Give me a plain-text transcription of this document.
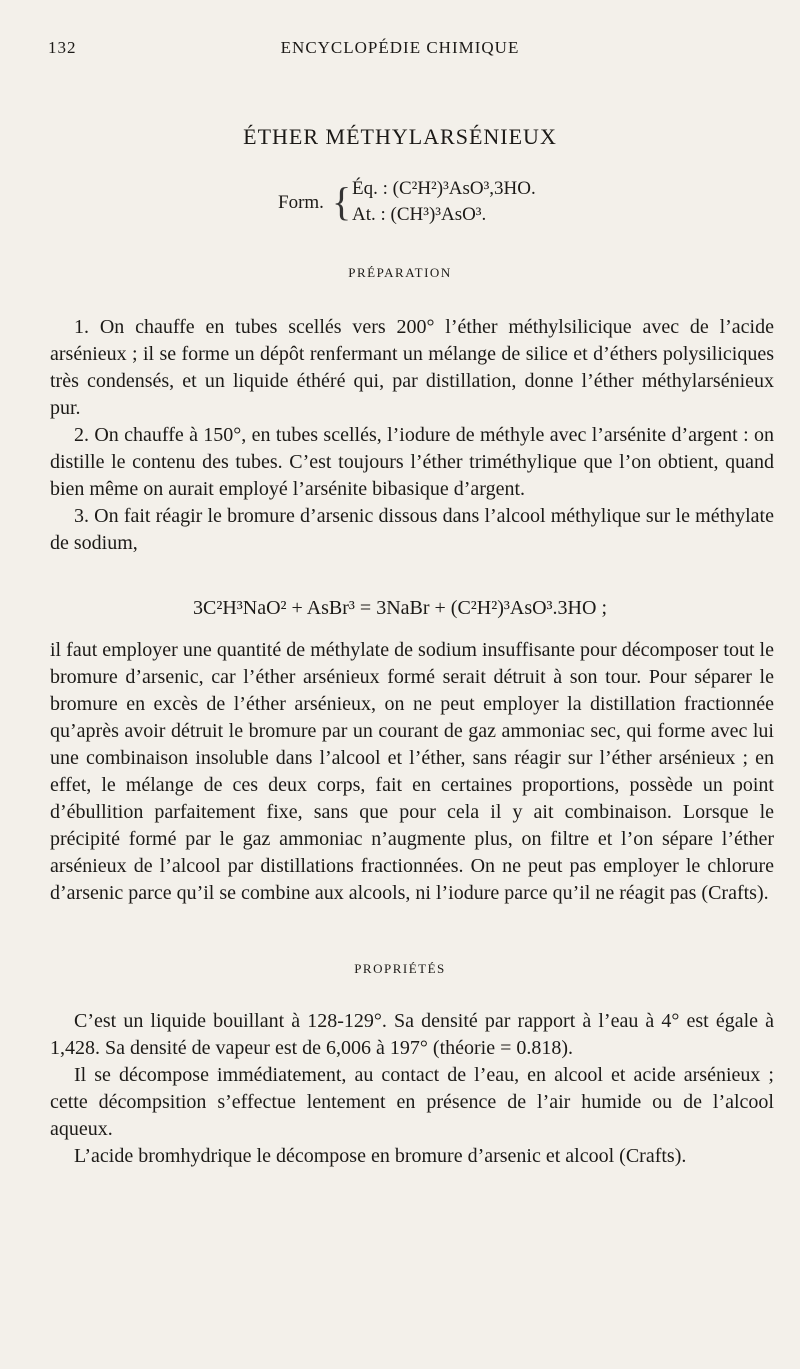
132	ENCYCLOPÉDIE CHIMIQUE
ÉTHER MÉTHYLARSÉNIEUX
Form. { Éq. : (C²H²)³AsO³,3HO.
At. : (CH³)³AsO³.
PRÉPARATION

1. On chauffe en tubes scellés vers 200° l’éther méthylsilicique avec de l’acide arsénieux ; il se forme un dépôt renfermant un mélange de silice et d’éthers polysiliciques très condensés, et un liquide éthéré qui, par distillation, donne l’éther méthylarsénieux pur.

2. On chauffe à 150°, en tubes scellés, l’iodure de méthyle avec l’arsénite d’argent : on distille le contenu des tubes. C’est toujours l’éther triméthylique que l’on obtient, quand bien même on aurait employé l’arsénite bibasique d’argent.

3. On fait réagir le bromure d’arsenic dissous dans l’alcool méthylique sur le méthylate de sodium,

3C²H³NaO² + AsBr³ = 3NaBr + (C²H²)³AsO³.3HO ;

il faut employer une quantité de méthylate de sodium insuffisante pour décomposer tout le bromure d’arsenic, car l’éther arsénieux formé serait détruit à son tour. Pour séparer le bromure en excès de l’éther arsénieux, on ne peut employer la distillation fractionnée qu’après avoir détruit le bromure par un courant de gaz ammoniac sec, qui forme avec lui une combinaison insoluble dans l’alcool et l’éther, sans réagir sur l’éther arsénieux ; en effet, le mélange de ces deux corps, fait en certaines proportions, possède un point d’ébullition parfaitement fixe, sans que pour cela il y ait combinaison. Lorsque le précipité formé par le gaz ammoniac n’augmente plus, on filtre et l’on sépare l’éther arsénieux de l’alcool par distillations fractionnées. On ne peut pas employer le chlorure d’arsenic parce qu’il se combine aux alcools, ni l’iodure parce qu’il ne réagit pas (Crafts).

PROPRIÉTÉS

C’est un liquide bouillant à 128-129°. Sa densité par rapport à l’eau à 4° est égale à 1,428. Sa densité de vapeur est de 6,006 à 197° (théorie = 0.818).

Il se décompose immédiatement, au contact de l’eau, en alcool et acide arsénieux ; cette décompsition s’effectue lentement en présence de l’air humide ou de l’alcool aqueux.

L’acide bromhydrique le décompose en bromure d’arsenic et alcool (Crafts).
